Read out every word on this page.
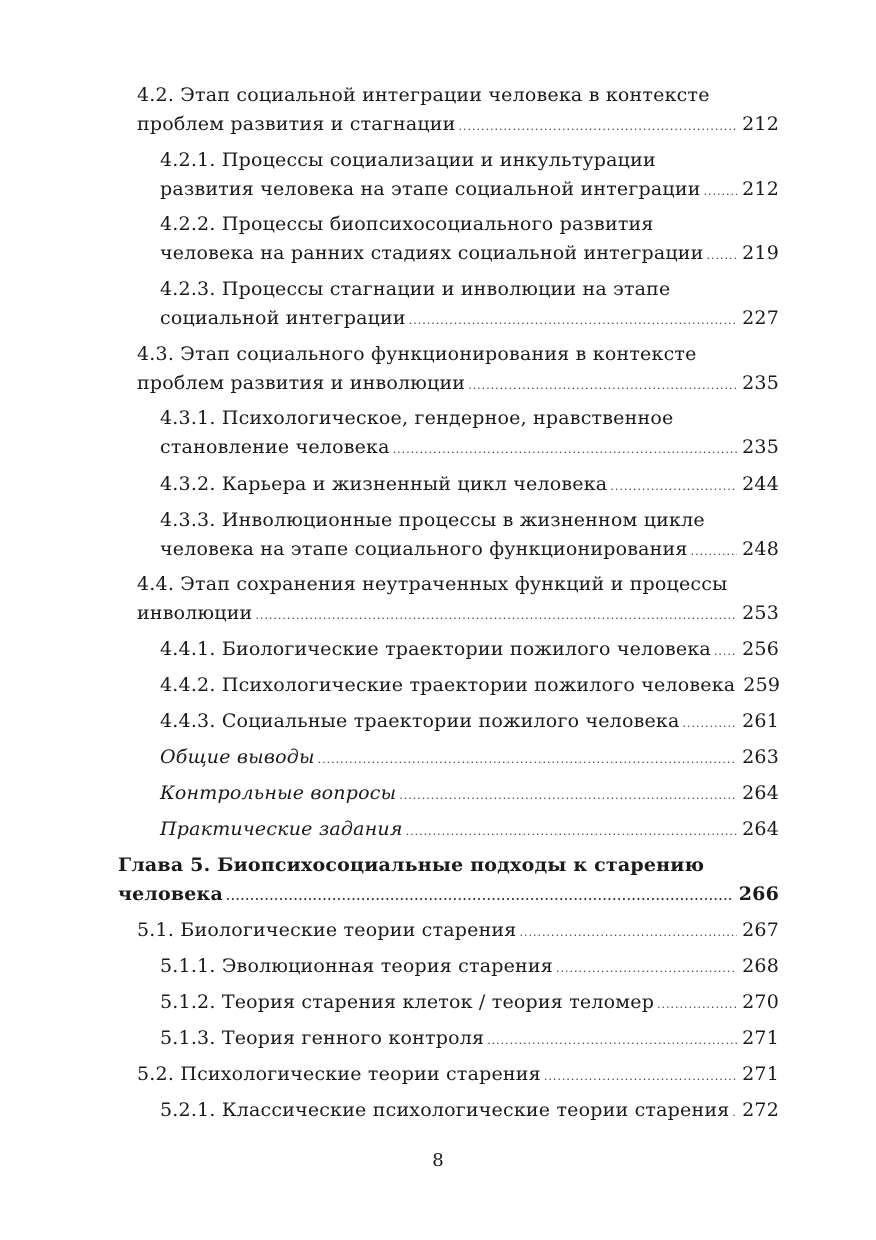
4.2. Этап социальной интеграции человека в контексте
проблем развития и стагнации .....	212
4.2.1. Процессы социализации и инкультурации
развития человека на этапе социальной интеграции ..... 212
4.2.2. Процессы биопсихосоциального развития
человека на ранних стадиях социальной интеграции ..... 219
4.2.3. Процессы стагнации и инволюции на этапе
социальной интеграции .....	227
4.3. Этап социального функционирования в контексте
проблем развития и инволюции .....	235
4.3.1. Психологическое, гендерное, нравственное
становление человека .....	235
4.3.2. Карьера и жизненный цикл человека .....	244
4.3.3. Инволюционные процессы в жизненном цикле
человека на этапе социального функционирования .....	248
4.4. Этап сохранения неутраченных функций и процессы
инволюции .....	253
4.4.1. Биологические траектории пожилого человека ..... 256
4.4.2. Психологические траектории пожилого человека 259
4.4.3. Социальные траектории пожилого человека .....	261
Общие выводы .....	263
Контрольные вопросы .....	264
Практические задания .....	264
Глава 5. Биопсихосоциальные подходы к старению
человека .....	266
5.1. Биологические теории старения .....	267
5.1.1. Эволюционная теория старения .....	268
5.1.2. Теория старения клеток / теория теломер .....	270
5.1.3. Теория генного контроля .....	271
5.2. Психологические теории старения .....	271
5.2.1. Классические психологические теории старения ..... 272
8
